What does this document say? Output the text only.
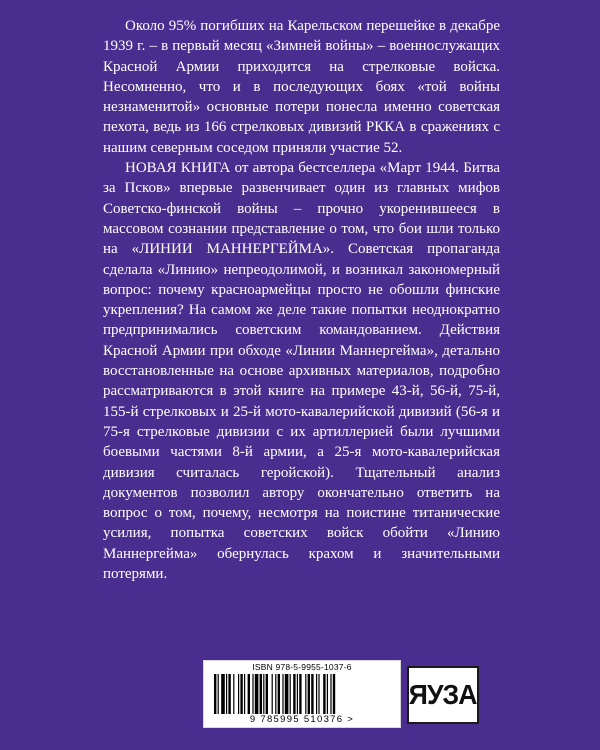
Около 95% погибших на Карельском перешейке в декабре 1939 г. – в первый месяц «Зимней войны» – военнослужащих Красной Армии приходится на стрелковые войска. Несомненно, что и в последующих боях «той войны незнаменитой» основные потери понесла именно советская пехота, ведь из 166 стрелковых дивизий РККА в сражениях с нашим северным соседом приняли участие 52.

НОВАЯ КНИГА от автора бестселлера «Март 1944. Битва за Псков» впервые развенчивает один из главных мифов Советско-финской войны – прочно укоренившееся в массовом сознании представление о том, что бои шли только на «ЛИНИИ МАННЕРГЕЙМА». Советская пропаганда сделала «Линию» непреодолимой, и возникал закономерный вопрос: почему красноармейцы просто не обошли финские укрепления? На самом же деле такие попытки неоднократно предпринимались советским командованием. Действия Красной Армии при обходе «Линии Маннергейма», детально восстановленные на основе архивных материалов, подробно рассматриваются в этой книге на примере 43-й, 56-й, 75-й, 155-й стрелковых и 25-й мото-кавалерийской дивизий (56-я и 75-я стрелковые дивизии с их артиллерией были лучшими боевыми частями 8-й армии, а 25-я мото-кавалерийская дивизия считалась геройской). Тщательный анализ документов позволил автору окончательно ответить на вопрос о том, почему, несмотря на поистине титанические усилия, попытка советских войск обойти «Линию Маннергейма» обернулась крахом и значительными потерями.

ISBN 978-5-9955-1037-6
9 785995 510376 >
ЯУЗА
